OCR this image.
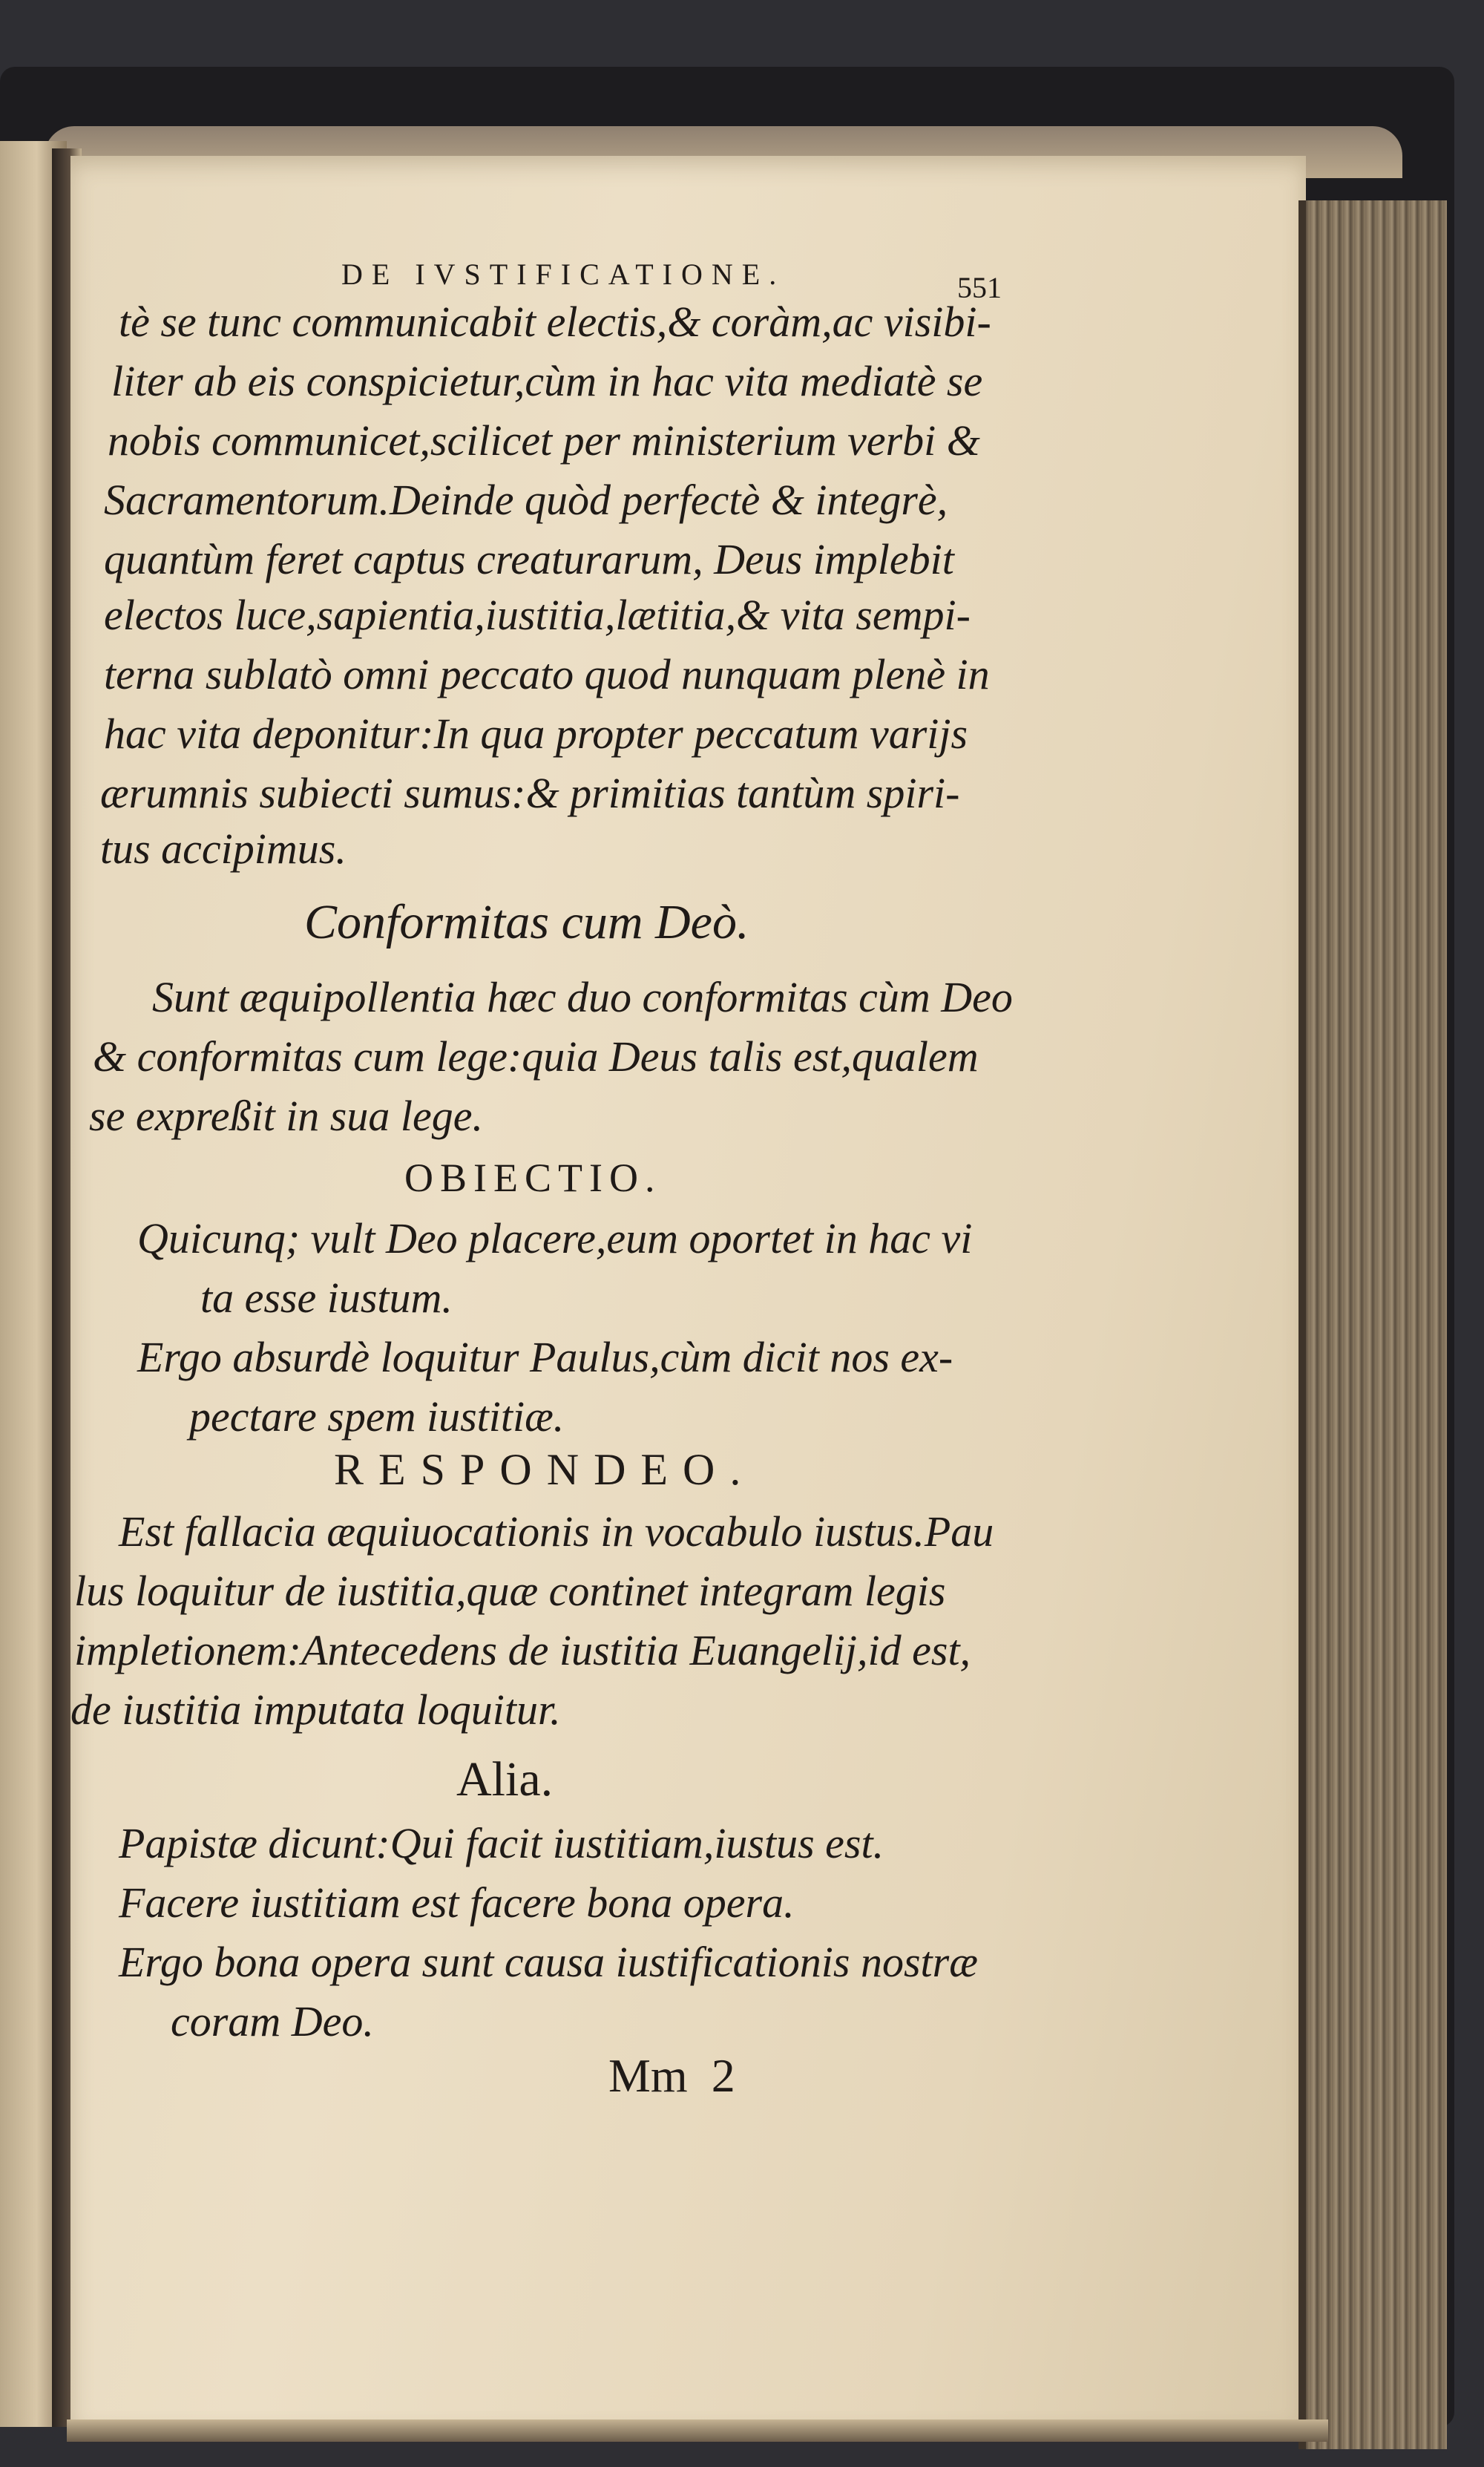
DE IVSTIFICATIONE.	551

tè se tunc communicabit electis,& coràm,ac visibi-

liter ab eis conspicietur,cùm in hac vita mediatè se

nobis communicet,scilicet per ministerium verbi &

Sacramentorum.Deinde quòd perfectè & integrè,

quantùm feret captus creaturarum, Deus implebit

electos luce,sapientia,iustitia,lætitia,& vita sempi-

terna sublatò omni peccato quod nunquam plenè in

hac vita deponitur:In qua propter peccatum varijs

ærumnis subiecti sumus:& primitias tantùm spiri-

tus accipimus.

Conformitas cum Deò.

Sunt æquipollentia hæc duo conformitas cùm Deo

& conformitas cum lege:quia Deus talis est,qualem

se expreßit in sua lege.

OBIECTIO.

Quicunq; vult Deo placere,eum oportet in hac vi

ta esse iustum.

Ergo absurdè loquitur Paulus,cùm dicit nos ex-

pectare spem iustitiæ.

RESPONDEO.

Est fallacia æquiuocationis in vocabulo iustus.Pau

lus loquitur de iustitia,quæ continet integram legis

impletionem:Antecedens de iustitia Euangelij,id est,

de iustitia imputata loquitur.

Alia.

Papistæ dicunt:Qui facit iustitiam,iustus est.

Facere iustitiam est facere bona opera.

Ergo bona opera sunt causa iustificationis nostræ

coram Deo.

Mm  2
